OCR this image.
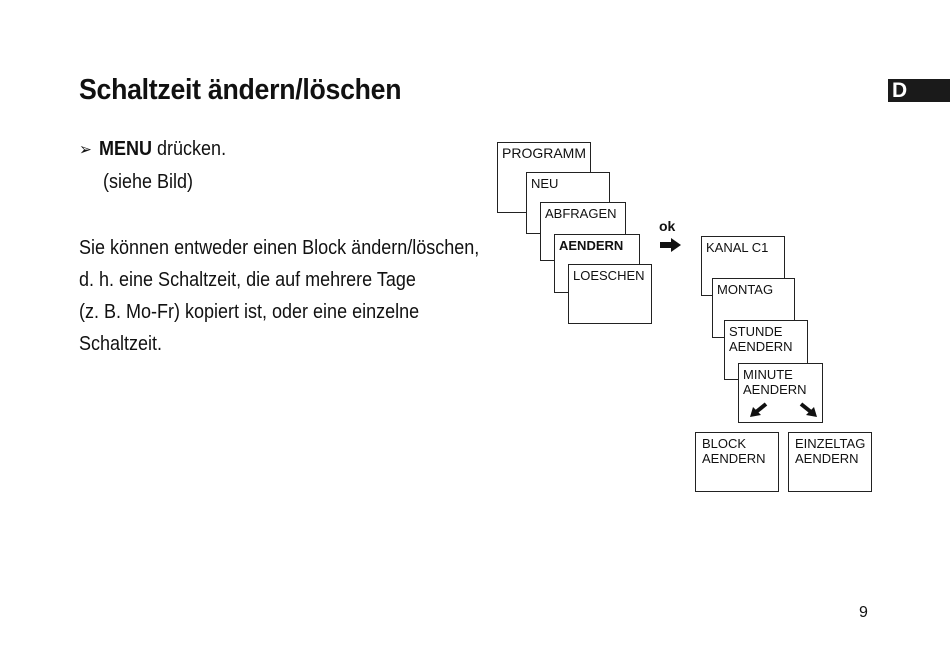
Schaltzeit ändern/löschen	D
➢ MENU drücken.
(siehe Bild)
Sie können entweder einen Block ändern/löschen,
d. h. eine Schaltzeit, die auf mehrere Tage
(z. B. Mo-Fr) kopiert ist, oder eine einzelne
Schaltzeit.
PROGRAMM
NEU
ABFRAGEN
AENDERN
LOESCHEN
ok
KANAL C1
MONTAG
STUNDE
AENDERN
MINUTE
AENDERN
BLOCK
AENDERN
EINZELTAG
AENDERN
9
